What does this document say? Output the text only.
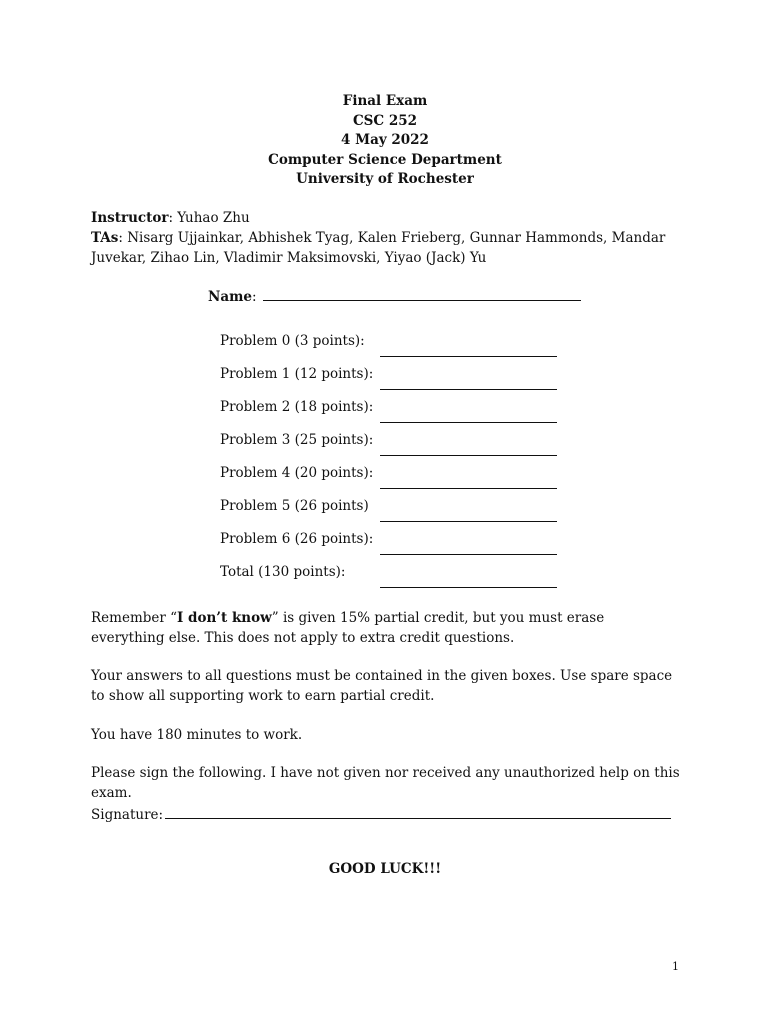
Final Exam
CSC 252
4 May 2022
Computer Science Department
University of Rochester
Instructor: Yuhao Zhu
TAs: Nisarg Ujjainkar, Abhishek Tyag, Kalen Frieberg, Gunnar Hammonds, Mandar Juvekar, Zihao Lin, Vladimir Maksimovski, Yiyao (Jack) Yu
Name:
Problem 0 (3 points):
Problem 1 (12 points):
Problem 2 (18 points):
Problem 3 (25 points):
Problem 4 (20 points):
Problem 5 (26 points)
Problem 6 (26 points):
Total (130 points):
Remember “I don’t know” is given 15% partial credit, but you must erase everything else. This does not apply to extra credit questions.
Your answers to all questions must be contained in the given boxes. Use spare space to show all supporting work to earn partial credit.
You have 180 minutes to work.
Please sign the following. I have not given nor received any unauthorized help on this exam.
Signature:
GOOD LUCK!!!
1
